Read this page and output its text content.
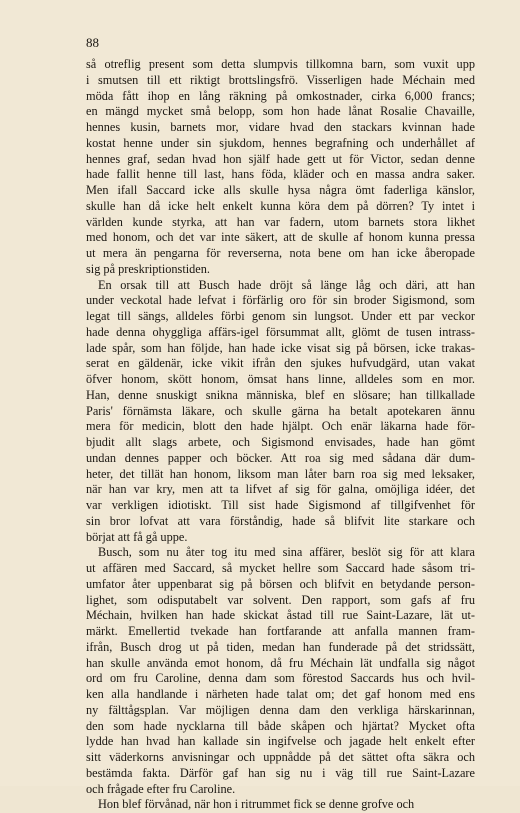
88
så otreflig present som detta slumpvis tillkomna barn, som vuxit upp
i smutsen till ett riktigt brottslingsfrö. Visserligen hade Méchain med
möda fått ihop en lång räkning på omkostnader, cirka 6,000 francs;
en mängd mycket små belopp, som hon hade lånat Rosalie Chavaille,
hennes kusin, barnets mor, vidare hvad den stackars kvinnan hade
kostat henne under sin sjukdom, hennes begrafning och underhållet af
hennes graf, sedan hvad hon själf hade gett ut för Victor, sedan denne
hade fallit henne till last, hans föda, kläder och en massa andra saker.
Men ifall Saccard icke alls skulle hysa några ömt faderliga känslor,
skulle han då icke helt enkelt kunna köra dem på dörren? Ty intet i
världen kunde styrka, att han var fadern, utom barnets stora likhet
med honom, och det var inte säkert, att de skulle af honom kunna pressa
ut mera än pengarna för reverserna, nota bene om han icke åberopade
sig på preskriptionstiden.
En orsak till att Busch hade dröjt så länge låg och däri, att han
under veckotal hade lefvat i förfärlig oro för sin broder Sigismond, som
legat till sängs, alldeles förbi genom sin lungsot. Under ett par veckor
hade denna ohyggliga affärs-igel försummat allt, glömt de tusen intrass-
lade spår, som han följde, han hade icke visat sig på börsen, icke trakas-
serat en gäldenär, icke vikit ifrån den sjukes hufvudgärd, utan vakat
öfver honom, skött honom, ömsat hans linne, alldeles som en mor.
Han, denne snuskigt snikna människa, blef en slösare; han tillkallade
Paris' förnämsta läkare, och skulle gärna ha betalt apotekaren ännu
mera för medicin, blott den hade hjälpt. Och enär läkarna hade för-
bjudit allt slags arbete, och Sigismond envisades, hade han gömt
undan dennes papper och böcker. Att roa sig med sådana där dum-
heter, det tillät han honom, liksom man låter barn roa sig med leksaker,
när han var kry, men att ta lifvet af sig för galna, omöjliga idéer, det
var verkligen idiotiskt. Till sist hade Sigismond af tillgifvenhet för
sin bror lofvat att vara förståndig, hade så blifvit lite starkare och
börjat att få gå uppe.
Busch, som nu åter tog itu med sina affärer, beslöt sig för att klara
ut affären med Saccard, så mycket hellre som Saccard hade såsom tri-
umfator åter uppenbarat sig på börsen och blifvit en betydande person-
lighet, som odisputabelt var solvent. Den rapport, som gafs af fru
Méchain, hvilken han hade skickat åstad till rue Saint-Lazare, lät ut-
märkt. Emellertid tvekade han fortfarande att anfalla mannen fram-
ifrån, Busch drog ut på tiden, medan han funderade på det stridssätt,
han skulle använda emot honom, då fru Méchain lät undfalla sig något
ord om fru Caroline, denna dam som förestod Saccards hus och hvil-
ken alla handlande i närheten hade talat om; det gaf honom med ens
ny fälttågsplan. Var möjligen denna dam den verkliga härskarinnan,
den som hade nycklarna till både skåpen och hjärtat? Mycket ofta
lydde han hvad han kallade sin ingifvelse och jagade helt enkelt efter
sitt väderkorns anvisningar och uppnådde på det sättet ofta säkra och
bestämda fakta. Därför gaf han sig nu i väg till rue Saint-Lazare
och frågade efter fru Caroline.
Hon blef förvånad, när hon i ritrummet fick se denne grofve och
